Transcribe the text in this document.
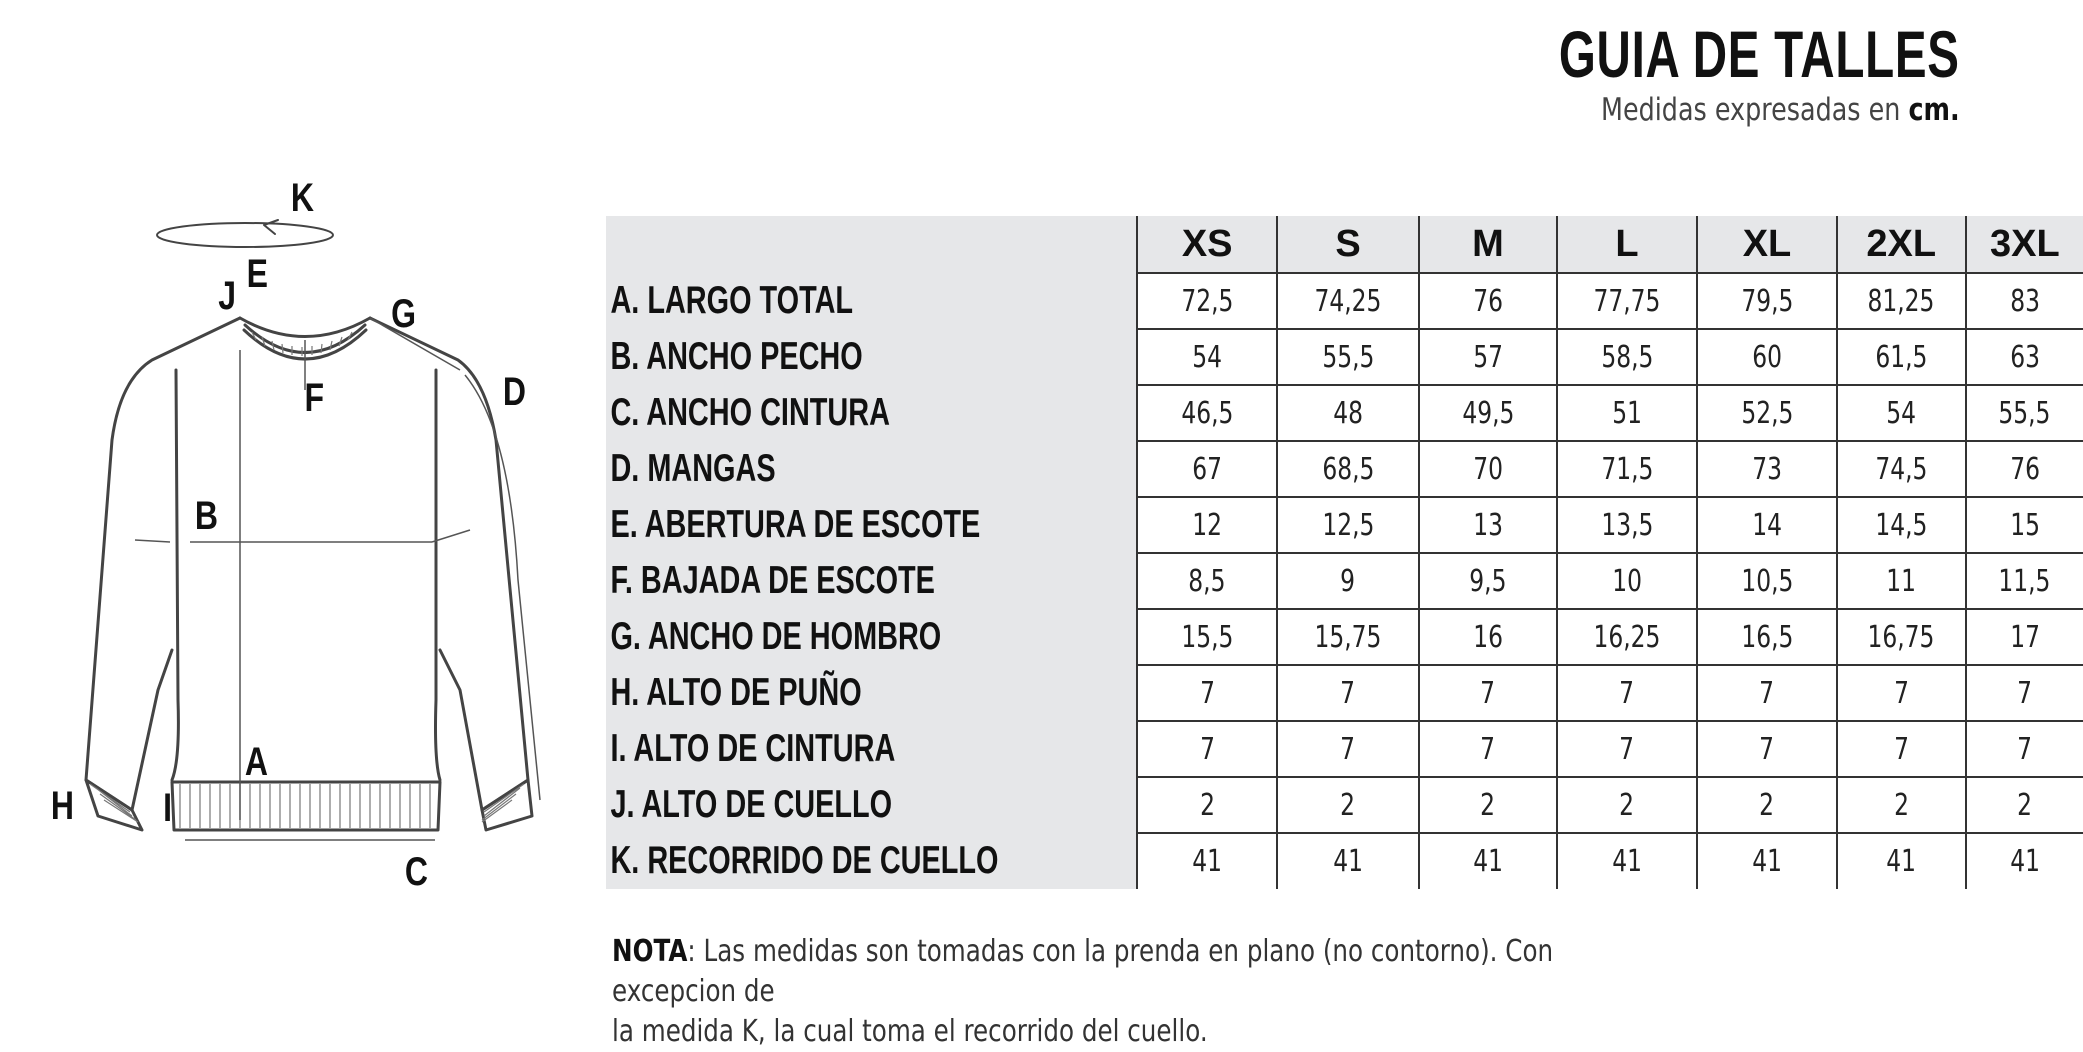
GUIA DE TALLES
Medidas expresadas en cm.
K
E
J	G
F	D
B
A
H I
C
	XS	S	M	L	XL	2XL	3XL
A. LARGO TOTAL	72,5	74,25	76	77,75	79,5	81,25	83
B. ANCHO PECHO	54	55,5	57	58,5	60	61,5	63
C. ANCHO CINTURA	46,5	48	49,5	51	52,5	54	55,5
D. MANGAS	67	68,5	70	71,5	73	74,5	76
E. ABERTURA DE ESCOTE	12	12,5	13	13,5	14	14,5	15
F. BAJADA DE ESCOTE	8,5	9	9,5	10	10,5	11	11,5
G. ANCHO DE HOMBRO	15,5	15,75	16	16,25	16,5	16,75	17
H. ALTO DE PUÑO	7	7	7	7	7	7	7
I. ALTO DE CINTURA	7	7	7	7	7	7	7
J. ALTO DE CUELLO	2	2	2	2	2	2	2
K. RECORRIDO DE CUELLO	41	41	41	41	41	41	41
NOTA: Las medidas son tomadas con la prenda en plano (no contorno). Con excepcion de
la medida K, la cual toma el recorrido del cuello.
